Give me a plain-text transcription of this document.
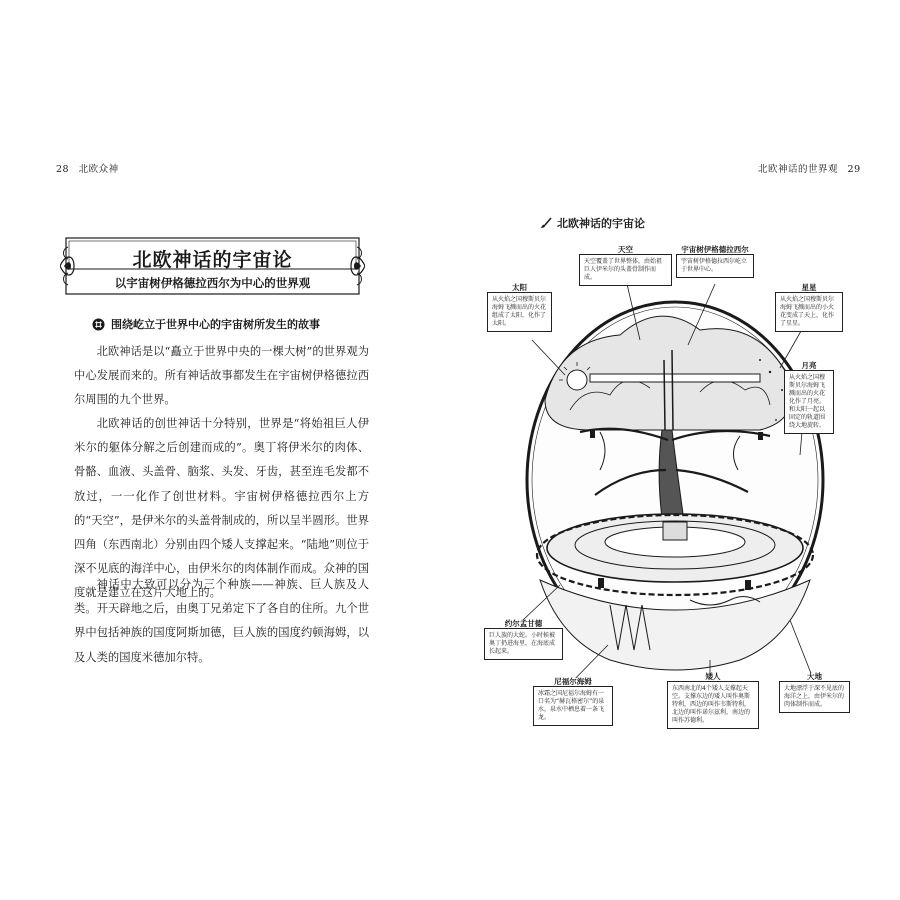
28 北欧众神	北欧神话的世界观 29
北欧神话的宇宙论
以宇宙树伊格德拉西尔为中心的世界观
围绕屹立于世界中心的宇宙树所发生的故事

北欧神话是以“矗立于世界中央的一棵大树”的世界观为中心发展而来的。所有神话故事都发生在宇宙树伊格德拉西尔周围的九个世界。

北欧神话的创世神话十分特别，世界是“将始祖巨人伊米尔的躯体分解之后创建而成的”。奥丁将伊米尔的肉体、骨骼、血液、头盖骨、脑浆、头发、牙齿，甚至连毛发都不放过，一一化作了创世材料。宇宙树伊格德拉西尔上方的“天空”，是伊米尔的头盖骨制成的，所以呈半圆形。世界四角（东西南北）分别由四个矮人支撑起来。“陆地”则位于深不见底的海洋中心，由伊米尔的肉体制作而成。众神的国度就是建立在这片大地上的。

神话中大致可以分为三个种族——神族、巨人族及人类。开天辟地之后，由奥丁兄弟定下了各自的住所。九个世界中包括神族的国度阿斯加德，巨人族的国度约顿海姆，以及人类的国度米德加尔特。

北欧神话的宇宙论
天空
天空覆盖了世界整体，由始祖巨人伊米尔的头盖骨制作而成。
宇宙树伊格德拉西尔
宇宙树伊格德拉西尔屹立于世界中心。
太阳
从火焰之国穆斯贝尔海姆飞溅而出的火花组成了太阳，化作了太阳。
星星
从火焰之国穆斯贝尔海姆飞溅而出的小火花变成了天上，化作了星星。
月亮
从火焰之国穆斯贝尔海姆飞溅而出的火花化作了月亮。和太阳一起以固定的轨道围绕大地旋转。
约尔孟甘德
巨人族的大蛇。小时候被奥丁扔进海里，在海底成长起来。
尼福尔海姆
冰霜之国尼福尔海姆有一口名为“赫瓦格密尔”的泉水，泉水中栖息着一条飞龙。
矮人
东西南北的4个矮人支撑起天空。支撑东边的矮人叫作奥斯特利，西边的叫作韦斯特利，北边的叫作诺尔兹利，南边的叫作苏德利。
大地
大地漂浮于深不见底的海洋之上，由伊米尔的肉体制作而成。
